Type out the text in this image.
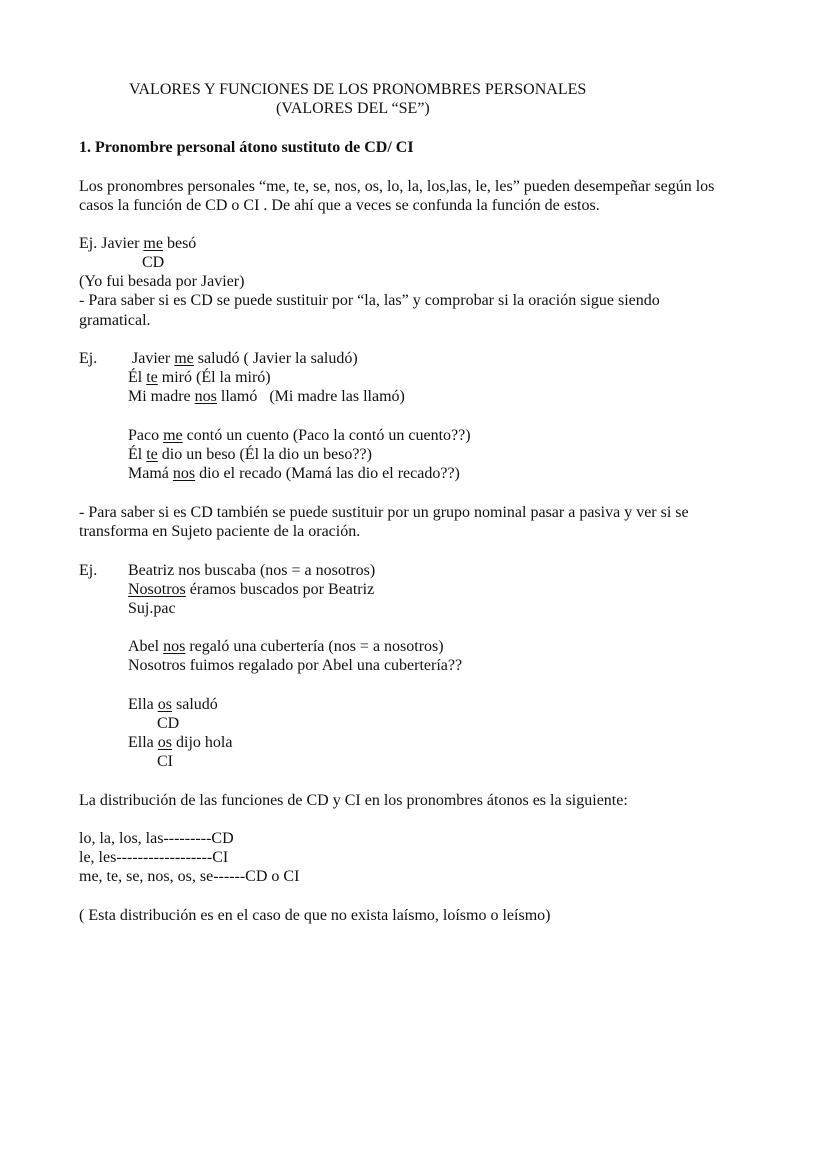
VALORES Y FUNCIONES DE LOS PRONOMBRES PERSONALES

(VALORES DEL “SE”)

1. Pronombre personal átono sustituto de CD/ CI

Los pronombres personales “me, te, se, nos, os, lo, la, los,las, le, les” pueden desempeñar según los

casos la función de CD o CI . De ahí que a veces se confunda la función de estos.

Ej. Javier me besó

CD

(Yo fui besada por Javier)

- Para saber si es CD se puede sustituir por “la, las” y comprobar si la oración sigue siendo

gramatical.

Ej. Javier me saludó ( Javier la saludó)

Él te miró (Él la miró)

Mi madre nos llamó   (Mi madre las llamó)

Paco me contó un cuento (Paco la contó un cuento??)

Él te dio un beso (Él la dio un beso??)

Mamá nos dio el recado (Mamá las dio el recado??)

- Para saber si es CD también se puede sustituir por un grupo nominal pasar a pasiva y ver si se

transforma en Sujeto paciente de la oración.

Ej. Beatriz nos buscaba (nos = a nosotros)

Nosotros éramos buscados por Beatriz

Suj.pac

Abel nos regaló una cubertería (nos = a nosotros)

Nosotros fuimos regalado por Abel una cubertería??

Ella os saludó

CD

Ella os dijo hola

CI

La distribución de las funciones de CD y CI en los pronombres átonos es la siguiente:

lo, la, los, las---------CD

le, les------------------CI

me, te, se, nos, os, se------CD o CI

( Esta distribución es en el caso de que no exista laísmo, loísmo o leísmo)
